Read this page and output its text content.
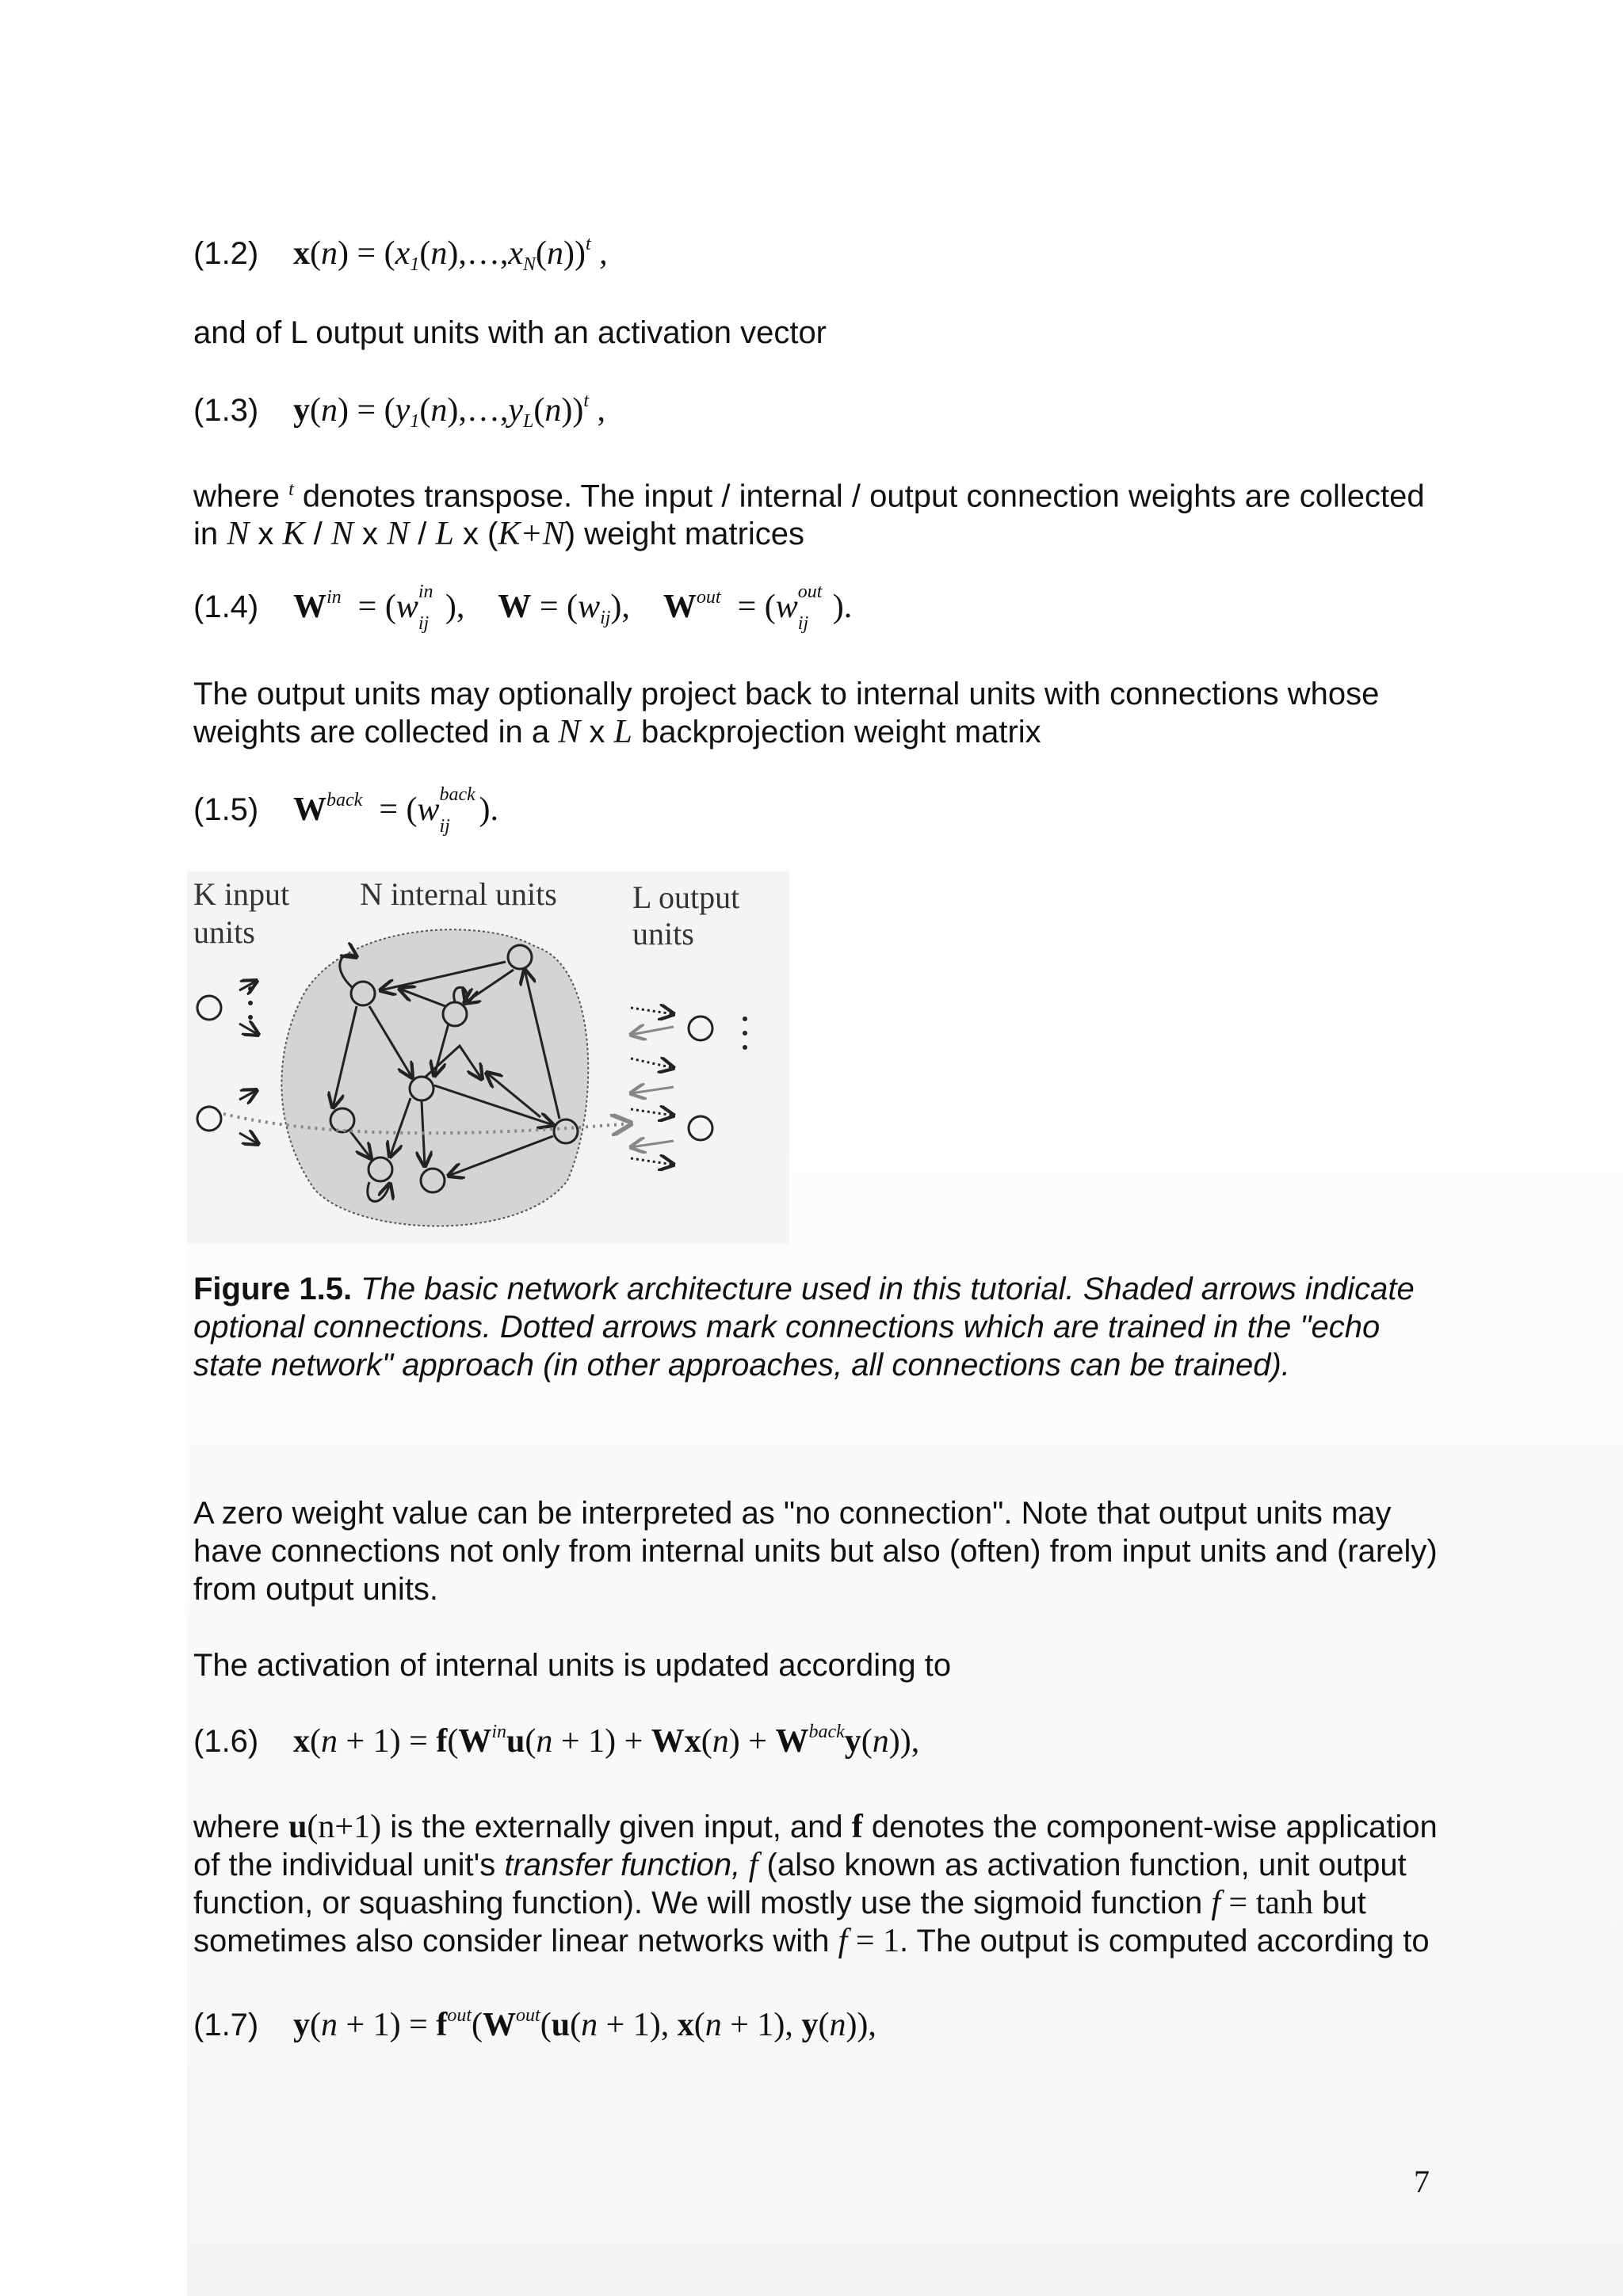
(1.2)	$x(n) = (x_1(n),\dots,x_N(n))^t$ ,

and of L output units with an activation vector

(1.3)	$y(n) = (y_1(n),\dots,y_L(n))^t$ ,

where $^t$ denotes transpose. The input / internal / output connection weights are collected in N x K / N x N / L x (K+N) weight matrices

(1.4)	$W^{in} = (w$ in
ij ),    $W = (w_{ij})$,    $W^{out} = (w$ out
ij ).

The output units may optionally project back to internal units with connections whose weights are collected in a N x L backprojection weight matrix

(1.5)	$W^{back} = (w$ back
ij ).
K input
units
N internal units L output
units

Figure 1.5. The basic network architecture used in this tutorial. Shaded arrows indicate optional connections. Dotted arrows mark connections which are trained in the "echo state network" approach (in other approaches, all connections can be trained).

A zero weight value can be interpreted as "no connection". Note that output units may have connections not only from internal units but also (often) from input units and (rarely) from output units.

The activation of internal units is updated according to

(1.6)	$x(n + 1) = f(W^{in}u(n + 1) + Wx(n) + W^{back}y(n))$,

where u(n+1) is the externally given input, and f denotes the component-wise application of the individual unit's transfer function, f (also known as activation function, unit output function, or squashing function). We will mostly use the sigmoid function f = tanh but sometimes also consider linear networks with f = 1. The output is computed according to

(1.7)	$y(n + 1) = f^{out}(W^{out}(u(n + 1)$, x(n + 1), y(n)),
7
